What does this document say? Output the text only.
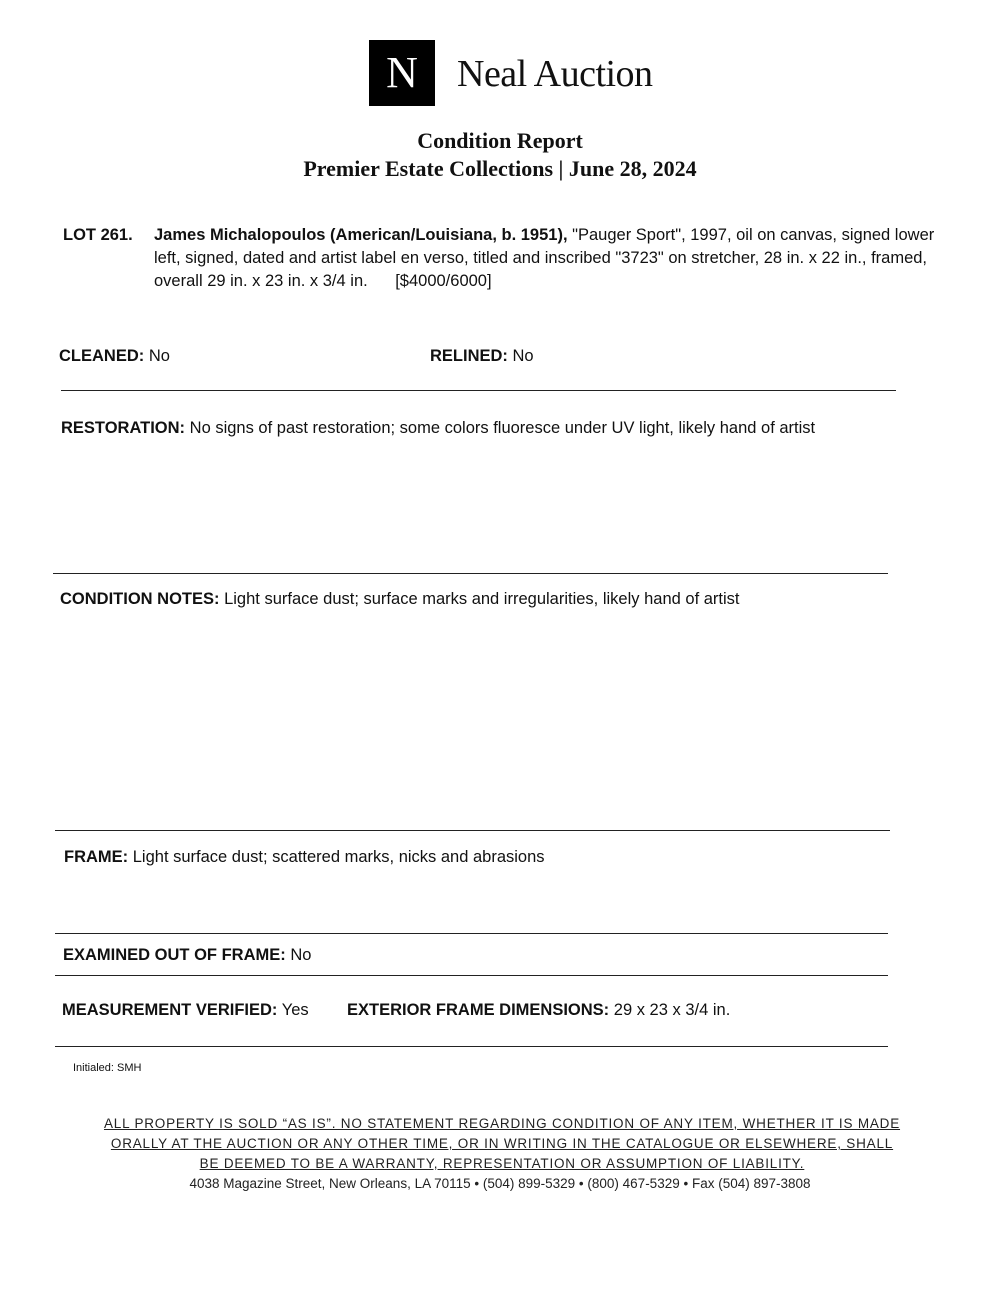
N	Neal Auction
Condition Report
Premier Estate Collections | June 28, 2024
LOT 261. James Michalopoulos (American/Louisiana, b. 1951), "Pauger Sport", 1997, oil on canvas, signed lower left, signed, dated and artist label en verso, titled and inscribed "3723" on stretcher, 28 in. x 22 in., framed, overall 29 in. x 23 in. x 3/4 in. [$4000/6000]
CLEANED: No	RELINED: No
RESTORATION: No signs of past restoration; some colors fluoresce under UV light, likely hand of artist
CONDITION NOTES: Light surface dust; surface marks and irregularities, likely hand of artist
FRAME: Light surface dust; scattered marks, nicks and abrasions
EXAMINED OUT OF FRAME: No
MEASUREMENT VERIFIED: Yes EXTERIOR FRAME DIMENSIONS: 29 x 23 x 3/4 in.
Initialed: SMH
ALL PROPERTY IS SOLD “AS IS”. NO STATEMENT REGARDING CONDITION OF ANY ITEM, WHETHER IT IS MADE
ORALLY AT THE AUCTION OR ANY OTHER TIME, OR IN WRITING IN THE CATALOGUE OR ELSEWHERE, SHALL
BE DEEMED TO BE A WARRANTY, REPRESENTATION OR ASSUMPTION OF LIABILITY.
4038 Magazine Street, New Orleans, LA 70115 • (504) 899-5329 • (800) 467-5329 • Fax (504) 897-3808
